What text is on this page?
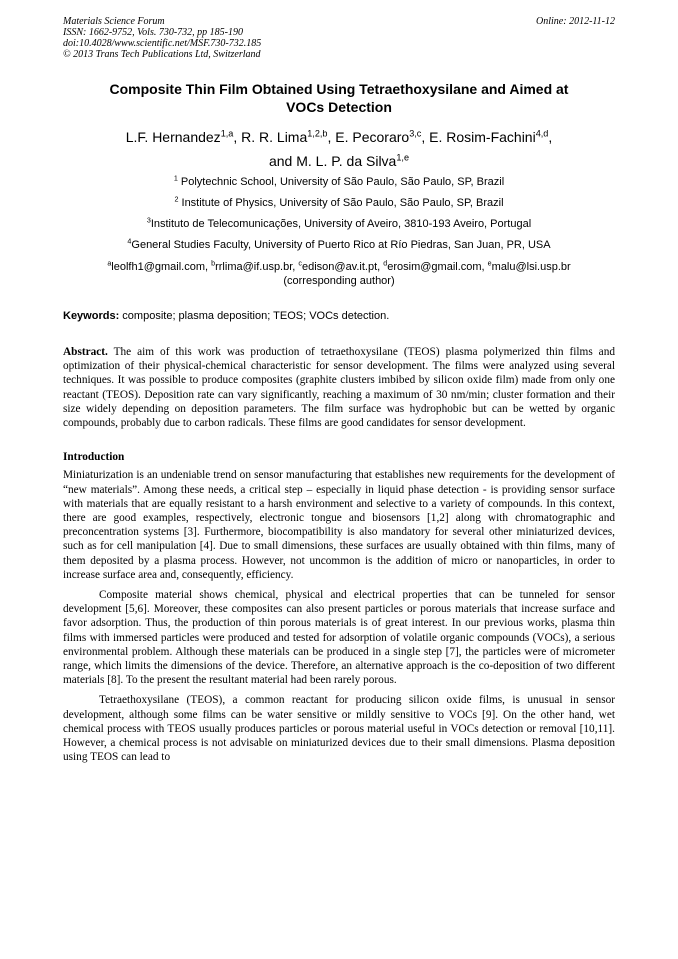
Materials Science Forum
ISSN: 1662-9752, Vols. 730-732, pp 185-190
doi:10.4028/www.scientific.net/MSF.730-732.185
© 2013 Trans Tech Publications Ltd, Switzerland
Online: 2012-11-12
Composite Thin Film Obtained Using Tetraethoxysilane and Aimed at
VOCs Detection
L.F. Hernandez$^{1,a}$, R. R. Lima$^{1,2,b}$, E. Pecoraro$^{3,c}$, E. Rosim-Fachini$^{4,d}$,
and M. L. P. da Silva$^{1,e}$
$^1$ Polytechnic School, University of São Paulo, São Paulo, SP, Brazil
$^2$ Institute of Physics, University of São Paulo, São Paulo, SP, Brazil
$^3$Instituto de Telecomunicações, University of Aveiro, 3810-193 Aveiro, Portugal
$^4$General Studies Faculty, University of Puerto Rico at Río Piedras, San Juan, PR, USA
$^a$leolfh1@gmail.com, $^b$rrlima@if.usp.br, $^c$edison@av.it.pt, $^d$erosim@gmail.com, $^e$malu@lsi.usp.br
(corresponding author)
Keywords: composite; plasma deposition; TEOS; VOCs detection.

Abstract. The aim of this work was production of tetraethoxysilane (TEOS) plasma polymerized thin films and optimization of their physical-chemical characteristic for sensor development. The films were analyzed using several techniques. It was possible to produce composites (graphite clusters imbibed by silicon oxide film) made from only one reactant (TEOS). Deposition rate can vary significantly, reaching a maximum of 30 nm/min; cluster formation and their size widely depending on deposition parameters. The film surface was hydrophobic but can be wetted by organic compounds, probably due to carbon radicals. These films are good candidates for sensor development.

Introduction

Miniaturization is an undeniable trend on sensor manufacturing that establishes new requirements for the development of “new materials”. Among these needs, a critical step – especially in liquid phase detection - is providing sensor surface with materials that are equally resistant to a harsh environment and selective to a variety of compounds. In this context, there are good examples, respectively, electronic tongue and biosensors [1,2] along with chromatographic and preconcentration systems [3]. Furthermore, biocompatibility is also mandatory for several other miniaturized devices, such as for cell manipulation [4]. Due to small dimensions, these surfaces are usually obtained with thin films, many of them deposited by a plasma process. However, not uncommon is the addition of micro or nanoparticles, in order to increase surface area and, consequently, efficiency.

Composite material shows chemical, physical and electrical properties that can be tunneled for sensor development [5,6]. Moreover, these composites can also present particles or porous materials that increase surface and favor adsorption. Thus, the production of thin porous materials is of great interest. In our previous works, plasma thin films with immersed particles were produced and tested for adsorption of volatile organic compounds (VOCs), a serious environmental problem. Although these materials can be produced in a single step [7], the particles were of micrometer range, which limits the dimensions of the device. Therefore, an alternative approach is the co-deposition of two different materials [8]. To the present the resultant material had been rarely porous.

Tetraethoxysilane (TEOS), a common reactant for producing silicon oxide films, is unusual in sensor development, although some films can be water sensitive or mildly sensitive to VOCs [9]. On the other hand, wet chemical process with TEOS usually produces particles or porous material useful in VOCs detection or removal [10,11]. However, a chemical process is not advisable on miniaturized devices due to their small dimensions. Plasma deposition using TEOS can lead to
